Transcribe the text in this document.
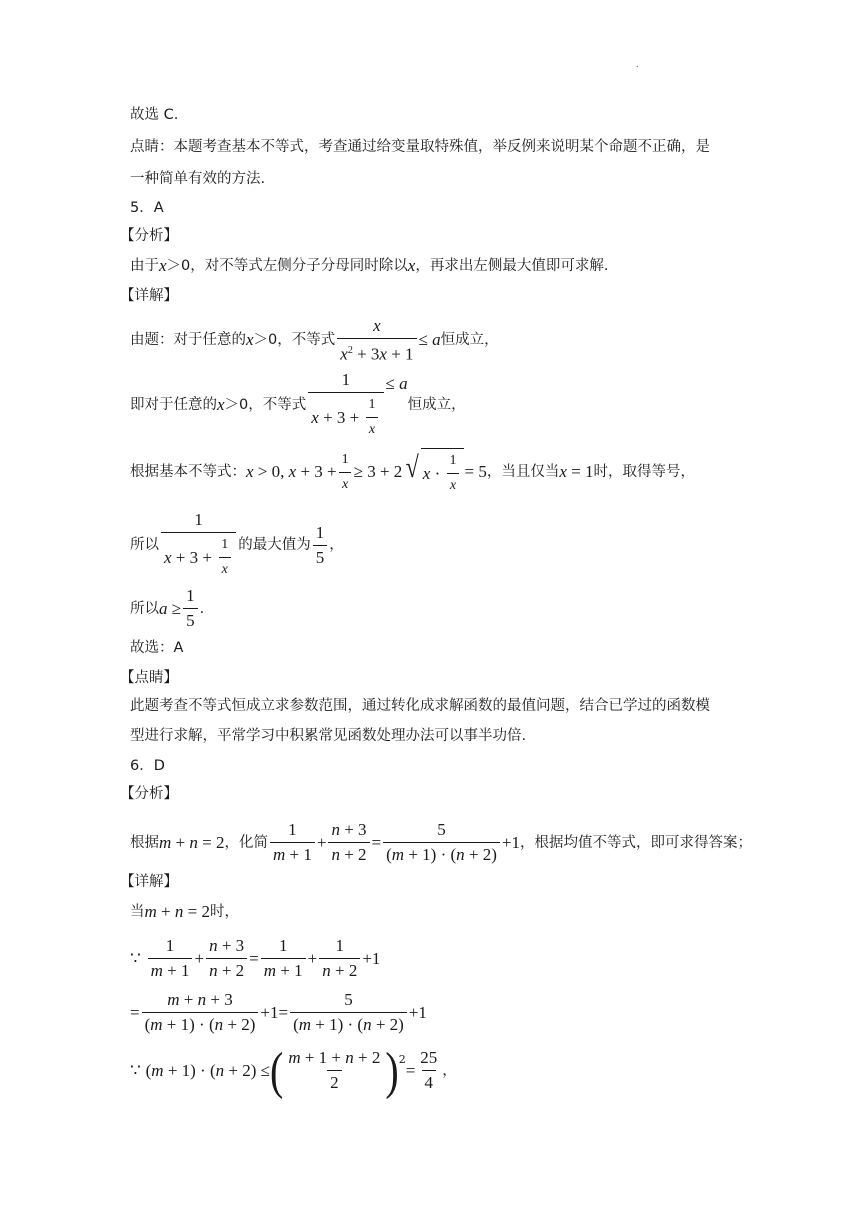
.
故选 C.
点睛：本题考查基本不等式，考查通过给变量取特殊值，举反例来说明某个命题不正确，是
一种简单有效的方法.
5．A
【分析】
由于 x ＞0，对不等式左侧分子分母同时除以 x ，再求出左侧最大值即可求解.
【详解】
由题：对于任意的 x ＞0，不等式 $\frac{x}{x^2 + 3x + 1} \le a$ 恒成立，
即对于任意的 x ＞0，不等式 $\frac{1}{x + 3 + \frac{1}{x}} \le a$
恒成立，
根据基本不等式： x > 0, $x + 3 + \frac{1}{x} \ge 3 + 2$ √ $x \cdot \frac{1}{x} = 5$ ，当且仅当 x = 1 时，取得等号，
所以 $\frac{1}{x + 3 + \frac{1}{x}}$ 的最大值为 $\frac{1}{5}$ ，
所以 $a \ge \frac{1}{5}$ .
故选：A
【点睛】
此题考查不等式恒成立求参数范围，通过转化成求解函数的最值问题，结合已学过的函数模
型进行求解，平常学习中积累常见函数处理办法可以事半功倍.
6．D
【分析】
根据 m + n = 2 ，化简 $\frac{1}{m + 1} + \frac{n + 3}{n + 2} = \frac{5}{(m + 1) \cdot (n + 2)} +1$ ，根据均值不等式，即可求得答案；
【详解】
当 m + n = 2 时，
∵
$\frac{1}{m + 1} + \frac{n + 3}{n + 2} = \frac{1}{m + 1} + \frac{1}{n + 2} +1$
= $\frac{m + n + 3}{(m + 1) \cdot (n + 2)} +1= \frac{5}{(m + 1) \cdot (n + 2)} +1$
∵
(m + 1) · (n + 2) ≤ ( $\frac{m + 1 + n + 2}{2} )^2$
= $\frac{25}{4}$ ，
